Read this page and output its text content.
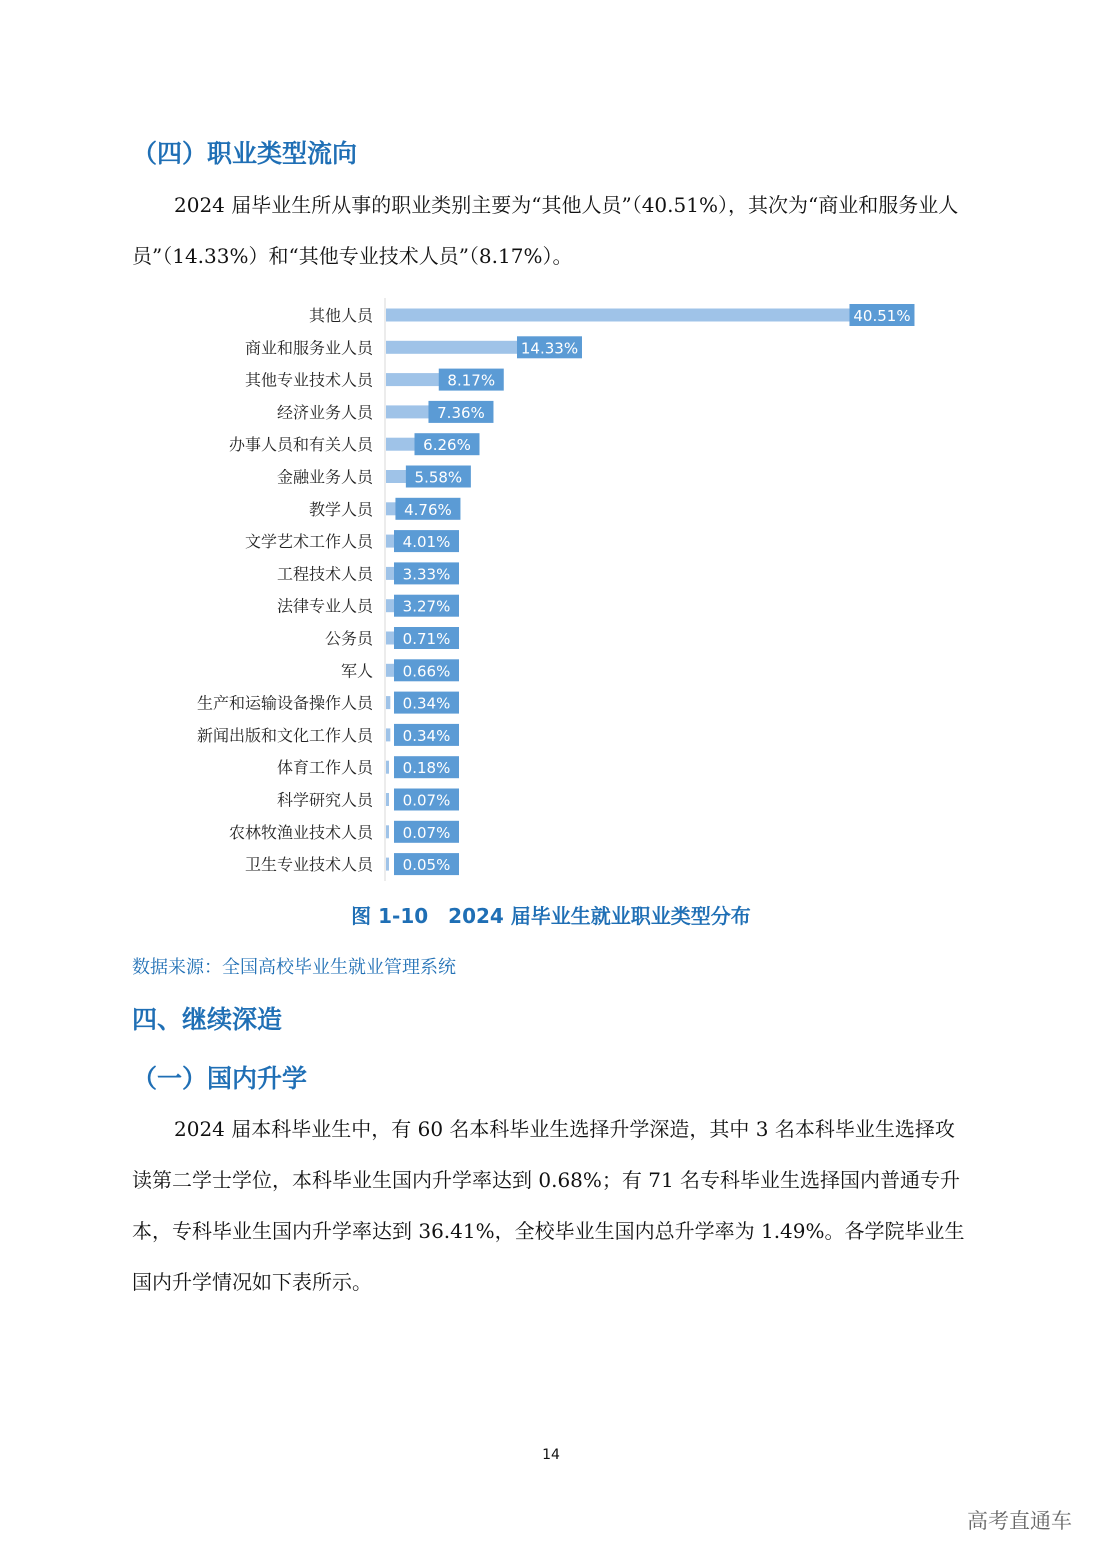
（四）职业类型流向
2024 届毕业生所从事的职业类别主要为“其他人员”（40.51%），其次为“商业和服务业人员”（14.33%）和“其他专业技术人员”（8.17%）。
其他人员	40.51%
商业和服务业人员	14.33%
其他专业技术人员	8.17%
经济业务人员	7.36%
办事人员和有关人员	6.26%
金融业务人员	5.58%
教学人员 4.76%
文学艺术工作人员 4.01%
工程技术人员 3.33%
法律专业人员 3.27%
公务员 0.71%
军人 0.66%
生产和运输设备操作人员 0.34%
新闻出版和文化工作人员 0.34%
体育工作人员 0.18%
科学研究人员 0.07%
农林牧渔业技术人员 0.07%
卫生专业技术人员 0.05%
图 1-10　2024 届毕业生就业职业类型分布
数据来源：全国高校毕业生就业管理系统
四、继续深造
（一）国内升学
2024 届本科毕业生中，有 60 名本科毕业生选择升学深造，其中 3 名本科毕业生选择攻读第二学士学位，本科毕业生国内升学率达到 0.68%；有 71 名专科毕业生选择国内普通专升本，专科毕业生国内升学率达到 36.41%，全校毕业生国内总升学率为 1.49%。各学院毕业生国内升学情况如下表所示。
14
高考直通车
